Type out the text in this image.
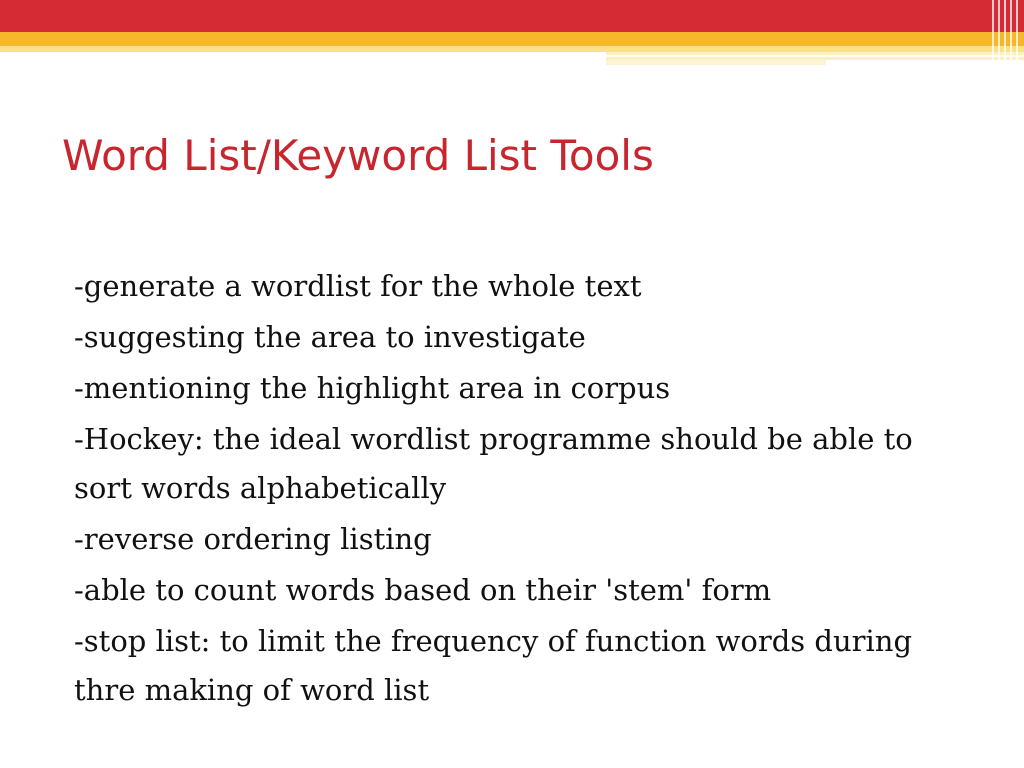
Word List/Keyword List Tools
-generate a wordlist for the whole text
-suggesting the area to investigate
-mentioning the highlight area in corpus
-Hockey: the ideal wordlist programme should be able to sort words alphabetically
-reverse ordering listing
-able to count words based on their 'stem' form
-stop list: to limit the frequency of function words during thre making of word list
